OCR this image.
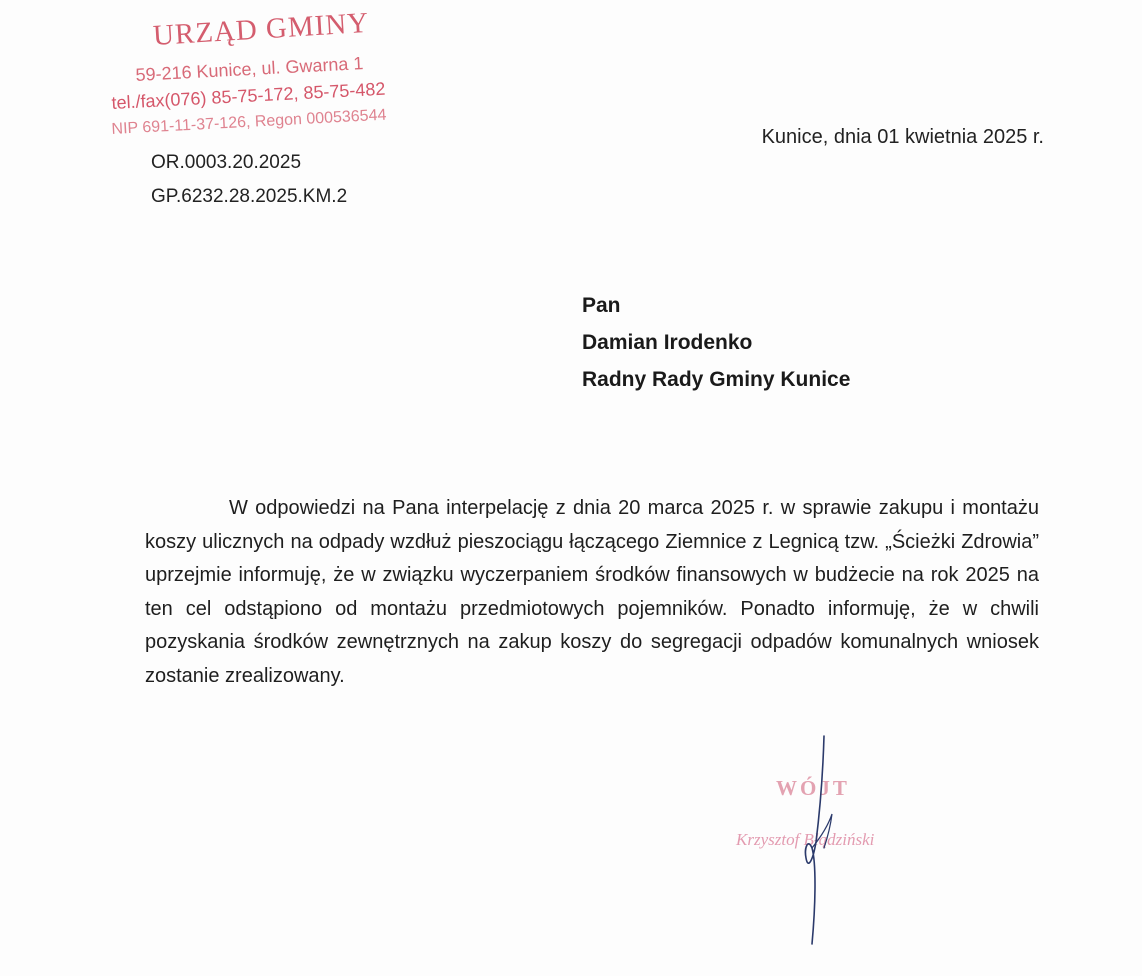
URZĄD GMINY
59-216 Kunice, ul. Gwarna 1
tel./fax(076) 85-75-172, 85-75-482
NIP 691-11-37-126, Regon 000536544
OR.0003.20.2025
GP.6232.28.2025.KM.2
Kunice, dnia 01 kwietnia 2025 r.
Pan
Damian Irodenko
Radny Rady Gminy Kunice

W odpowiedzi na Pana interpelację z dnia 20 marca 2025 r. w sprawie zakupu i montażu koszy ulicznych na odpady wzdłuż pieszociągu łączącego Ziemnice z Legnicą tzw. „Ścieżki Zdrowia” uprzejmie informuję, że w związku wyczerpaniem środków finansowych w budżecie na rok 2025 na ten cel odstąpiono od montażu przedmiotowych pojemników. Ponadto informuję, że w chwili pozyskania środków zewnętrznych na zakup koszy do segregacji odpadów komunalnych wniosek zostanie zrealizowany.

WÓJT
Krzysztof Błądziński
